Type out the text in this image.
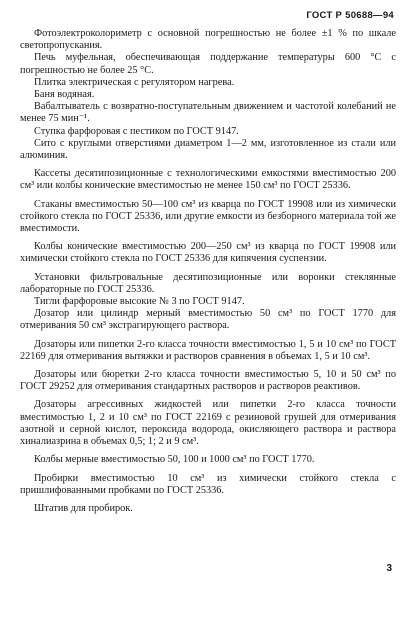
ГОСТ Р 50688—94

Фотоэлектроколориметр с основной погрешностью не более ±1 % по шкале светопропускания.

Печь муфельная, обеспечивающая поддержание температуры 600 °С с погрешностью не более 25 °С.

Плитка электрическая с регулятором нагрева.

Баня водяная.

Вабалтыватель с возвратно-поступательным движением и частотой колебаний не менее 75 мин⁻¹.

Ступка фарфоровая с пестиком по ГОСТ 9147.

Сито с круглыми отверстиями диаметром 1—2 мм, изготовленное из стали или алюминия.

Кассеты десятипозиционные с технологическими емкостями вместимостью 200 см³ или колбы конические вместимостью не менее 150 см³ по ГОСТ 25336.

Стаканы вместимостью 50—100 см³ из кварца по ГОСТ 19908 или из химически стойкого стекла по ГОСТ 25336, или другие емкости из безборного материала той же вместимости.

Колбы конические вместимостью 200—250 см³ из кварца по ГОСТ 19908 или химически стойкого стекла по ГОСТ 25336 для кипячения суспензии.

Установки фильтровальные десятипозиционные или воронки стеклянные лабораторные по ГОСТ 25336.

Тигли фарфоровые высокие № 3 по ГОСТ 9147.

Дозатор или цилиндр мерный вместимостью 50 см³ по ГОСТ 1770 для отмеривания 50 см³ экстрагирующего раствора.

Дозаторы или пипетки 2-го класса точности вместимостью 1, 5 и 10 см³ по ГОСТ 22169 для отмеривания вытяжки и растворов сравнения в объемах 1, 5 и 10 см³.

Дозаторы или бюретки 2-го класса точности вместимостью 5, 10 и 50 см³ по ГОСТ 29252 для отмеривания стандартных растворов и растворов реактивов.

Дозаторы агрессивных жидкостей или пипетки 2-го класса точности вместимостью 1, 2 и 10 см³ по ГОСТ 22169 с резиновой грушей для отмеривания азотной и серной кислот, пероксида водорода, окисляющего раствора и раствора хиналиазрина в объемах 0,5; 1; 2 и 9 см³.

Колбы мерные вместимостью 50, 100 и 1000 см³ по ГОСТ 1770.

Пробирки вместимостью 10 см³ из химически стойкого стекла с пришлифованными пробками по ГОСТ 25336.

Штатив для пробирок.

3
